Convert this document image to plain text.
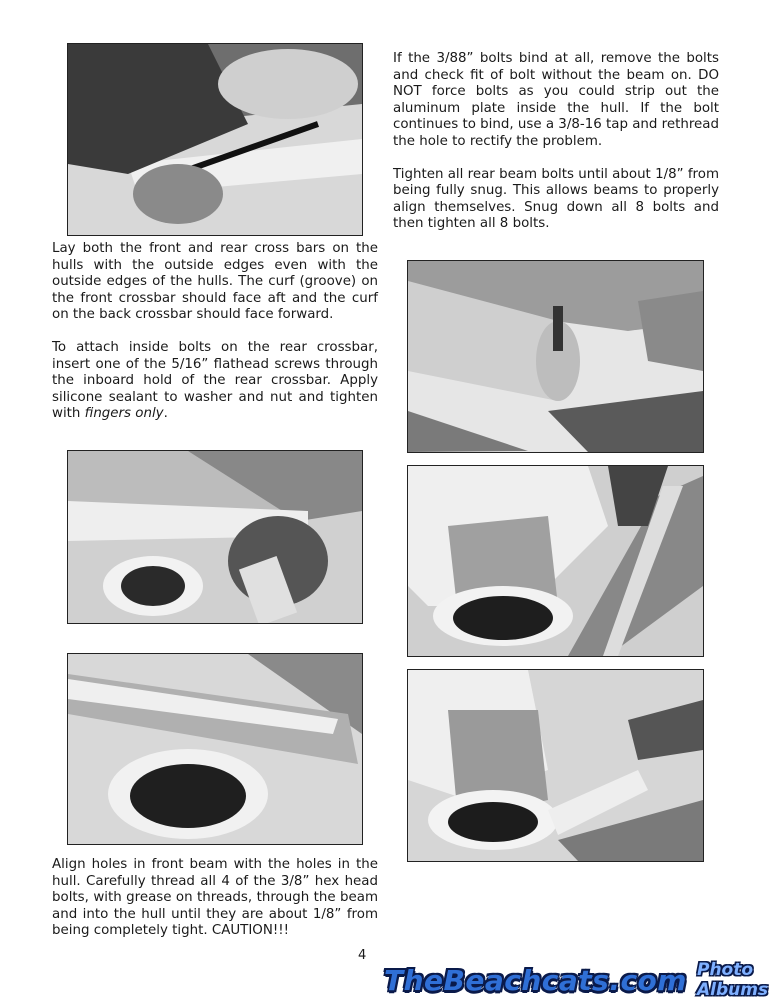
Lay both the front and rear cross bars on the hulls with the outside edges even with the outside edges of the hulls. The curf (groove) on the front crossbar should face aft and the curf on the back crossbar should face forward.

To attach inside bolts on the rear crossbar, insert one of the 5/16” flathead screws through the inboard hold of the rear crossbar. Apply silicone sealant to washer and nut and tighten with fingers only.

Align holes in front beam with the holes in the hull. Carefully thread all 4 of the 3/8” hex head bolts, with grease on threads, through the beam and into the hull until they are about 1/8” from being completely tight. CAUTION!!!

If the 3/88” bolts bind at all, remove the bolts and check fit of bolt without the beam on. DO NOT force bolts as you could strip out the aluminum plate inside the hull. If the bolt continues to bind, use a 3/8-16 tap and rethread the hole to rectify the problem.

Tighten all rear beam bolts until about 1/8” from being fully snug. This allows beams to properly align themselves. Snug down all 8 bolts and then tighten all 8 bolts.

4
TheBeachcats.com Photo Albums
